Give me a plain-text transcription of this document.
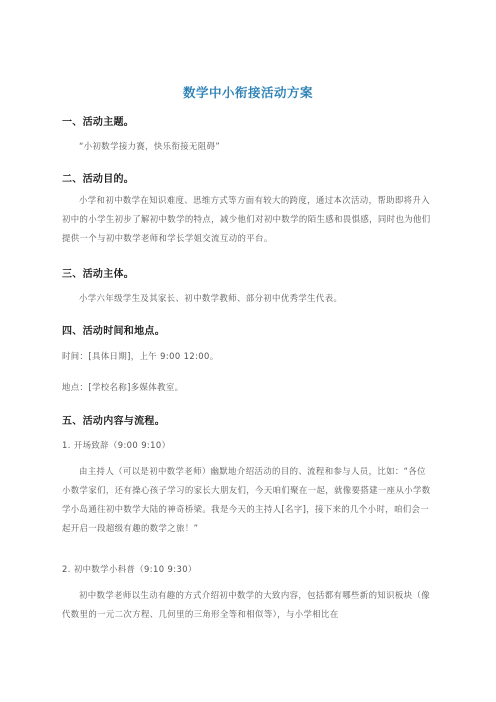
数学中小衔接活动方案
一、活动主题。

“小初数学接力赛，快乐衔接无阻碍”

二、活动目的。

小学和初中数学在知识难度、思维方式等方面有较大的跨度，通过本次活动，帮助即将升入初中的小学生初步了解初中数学的特点，减少他们对初中数学的陌生感和畏惧感，同时也为他们提供一个与初中数学老师和学长学姐交流互动的平台。

三、活动主体。

小学六年级学生及其家长、初中数学教师、部分初中优秀学生代表。

四、活动时间和地点。

时间：[具体日期]，上午 9:00 12:00。

地点：[学校名称]多媒体教室。

五、活动内容与流程。

1. 开场致辞（9:00 9:10）

由主持人（可以是初中数学老师）幽默地介绍活动的目的、流程和参与人员，比如：“各位小数学家们，还有操心孩子学习的家长大朋友们，今天咱们聚在一起，就像要搭建一座从小学数学小岛通往初中数学大陆的神奇桥梁。我是今天的主持人[名字]，接下来的几个小时，咱们会一起开启一段超级有趣的数学之旅！”

2. 初中数学小科普（9:10 9:30）

初中数学老师以生动有趣的方式介绍初中数学的大致内容，包括都有哪些新的知识板块（像代数里的一元二次方程、几何里的三角形全等和相似等），与小学相比在
